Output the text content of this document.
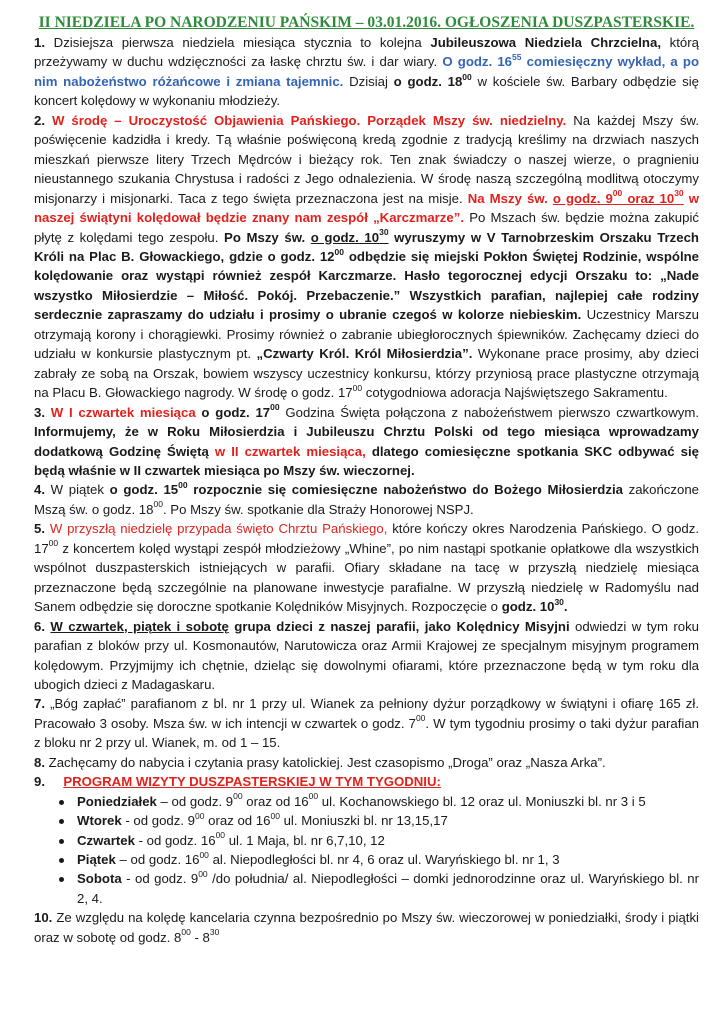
II NIEDZIELA PO NARODZENIU PAŃSKIM – 03.01.2016. OGŁOSZENIA DUSZPASTERSKIE.

1. Dzisiejsza pierwsza niedziela miesiąca stycznia to kolejna Jubileuszowa Niedziela Chrzcielna, którą przeżywamy w duchu wdzięczności za łaskę chrztu św. i dar wiary. O godz. $16^{55}$ comiesięczny wykład, a po nim nabożeństwo różańcowe i zmiana tajemnic. Dzisiaj o godz. $18^{00}$ w kościele św. Barbary odbędzie się koncert kolędowy w wykonaniu młodzieży.

2. W środę – Uroczystość Objawienia Pańskiego. Porządek Mszy św. niedzielny. Na każdej Mszy św. poświęcenie kadzidła i kredy. Tą właśnie poświęconą kredą zgodnie z tradycją kreślimy na drzwiach naszych mieszkań pierwsze litery Trzech Mędrców i bieżący rok. Ten znak świadczy o naszej wierze, o pragnieniu nieustannego szukania Chrystusa i radości z Jego odnalezienia. W środę naszą szczególną modlitwą otoczymy misjonarzy i misjonarki. Taca z tego święta przeznaczona jest na misje. Na Mszy św. o godz. $9^{00}$ oraz $10^{30}$ w naszej świątyni kolędował będzie znany nam zespół „Karczmarze”. Po Mszach św. będzie można zakupić płytę z kolędami tego zespołu. Po Mszy św. o godz. $10^{30}$ wyruszymy w V Tarnobrzeskim Orszaku Trzech Króli na Plac B. Głowackiego, gdzie o godz. $12^{00}$ odbędzie się miejski Pokłon Świętej Rodzinie, wspólne kolędowanie oraz wystąpi również zespół Karczmarze. Hasło tegorocznej edycji Orszaku to: „Nade wszystko Miłosierdzie – Miłość. Pokój. Przebaczenie.” Wszystkich parafian, najlepiej całe rodziny serdecznie zapraszamy do udziału i prosimy o ubranie czegoś w kolorze niebieskim. Uczestnicy Marszu otrzymają korony i chorągiewki. Prosimy również o zabranie ubiegłorocznych śpiewników. Zachęcamy dzieci do udziału w konkursie plastycznym pt. „Czwarty Król. Król Miłosierdzia”. Wykonane prace prosimy, aby dzieci zabrały ze sobą na Orszak, bowiem wszyscy uczestnicy konkursu, którzy przyniosą prace plastyczne otrzymają na Placu B. Głowackiego nagrody. W środę o godz. $17^{00}$ cotygodniowa adoracja Najświętszego Sakramentu.

3. W I czwartek miesiąca o godz. $17^{00}$ Godzina Święta połączona z nabożeństwem pierwszo czwartkowym. Informujemy, że w Roku Miłosierdzia i Jubileuszu Chrztu Polski od tego miesiąca wprowadzamy dodatkową Godzinę Świętą w II czwartek miesiąca, dlatego comiesięczne spotkania SKC odbywać się będą właśnie w II czwartek miesiąca po Mszy św. wieczornej.

4. W piątek o godz. $15^{00}$ rozpocznie się comiesięczne nabożeństwo do Bożego Miłosierdzia zakończone Mszą św. o godz. $18^{00}$. Po Mszy św. spotkanie dla Straży Honorowej NSPJ.

5. W przyszłą niedzielę przypada święto Chrztu Pańskiego, które kończy okres Narodzenia Pańskiego. O godz. $17^{00}$ z koncertem kolęd wystąpi zespół młodzieżowy „Whine”, po nim nastąpi spotkanie opłatkowe dla wszystkich wspólnot duszpasterskich istniejących w parafii. Ofiary składane na tacę w przyszłą niedzielę miesiąca przeznaczone będą szczególnie na planowane inwestycje parafialne. W przyszłą niedzielę w Radomyślu nad Sanem odbędzie się doroczne spotkanie Kolędników Misyjnych. Rozpoczęcie o godz. $10^{30}$.

6. W czwartek, piątek i sobotę grupa dzieci z naszej parafii, jako Kolędnicy Misyjni odwiedzi w tym roku parafian z bloków przy ul. Kosmonautów, Narutowicza oraz Armii Krajowej ze specjalnym misyjnym programem kolędowym. Przyjmijmy ich chętnie, dzieląc się dowolnymi ofiarami, które przeznaczone będą w tym roku dla ubogich dzieci z Madagaskaru.

7. „Bóg zapłać” parafianom z bl. nr 1 przy ul. Wianek za pełniony dyżur porządkowy w świątyni i ofiarę 165 zł. Pracowało 3 osoby. Msza św. w ich intencji w czwartek o godz. $7^{00}$. W tym tygodniu prosimy o taki dyżur parafian z bloku nr 2 przy ul. Wianek, m. od 1 – 15.

8. Zachęcamy do nabycia i czytania prasy katolickiej. Jest czasopismo „Droga” oraz „Nasza Arka”.

9. PROGRAM WIZYTY DUSZPASTERSKIEJ W TYM TYGODNIU:

Poniedziałek – od godz. $9^{00}$ oraz od $16^{00}$ ul. Kochanowskiego bl. 12 oraz ul. Moniuszki bl. nr 3 i 5
Wtorek - od godz. $9^{00}$ oraz od $16^{00}$ ul. Moniuszki bl. nr 13,15,17
Czwartek - od godz. $16^{00}$ ul. 1 Maja, bl. nr 6,7,10, 12
Piątek – od godz. $16^{00}$ al. Niepodległości bl. nr 4, 6 oraz ul. Waryńskiego bl. nr 1, 3
Sobota - od godz. $9^{00}$ /do południa/ al. Niepodległości – domki jednorodzinne oraz ul. Waryńskiego bl. nr 2, 4.

10. Ze względu na kolędę kancelaria czynna bezpośrednio po Mszy św. wieczorowej w poniedziałki, środy i piątki oraz w sobotę od godz. $8^{00} - 8^{30}$
